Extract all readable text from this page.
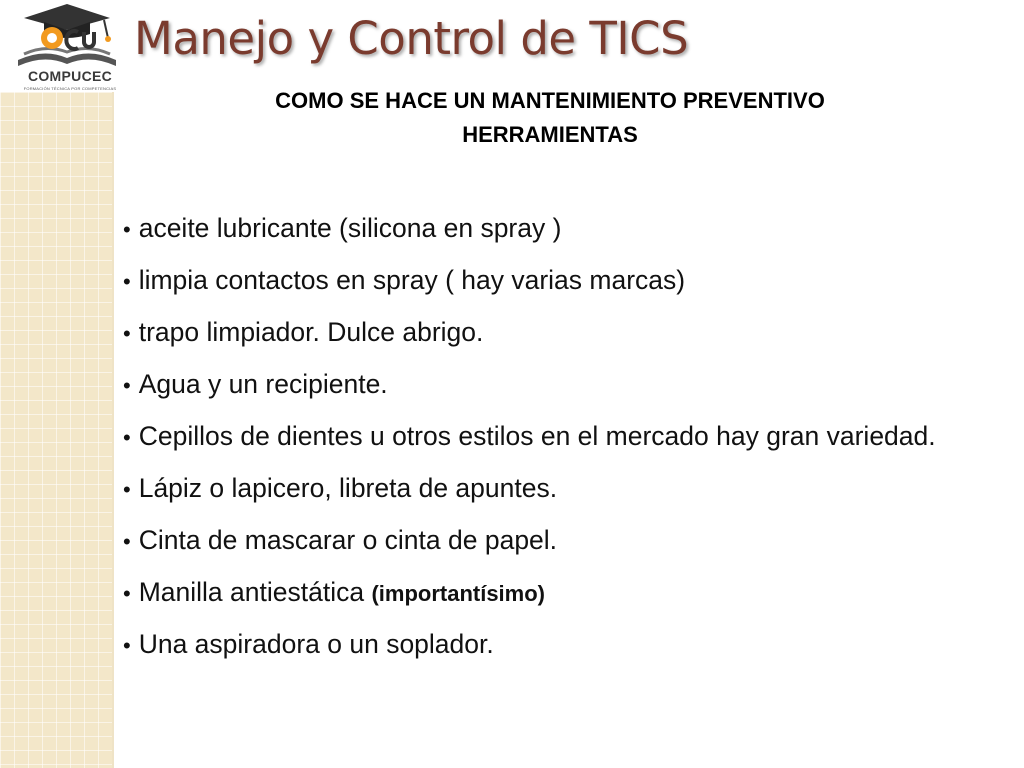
COMPUCEC
FORMACIÓN TÉCNICA POR COMPETENCIAS
Manejo y Control de TICS
COMO SE HACE UN MANTENIMIENTO PREVENTIVO
HERRAMIENTAS
• aceite lubricante (silicona en spray )
• limpia contactos en spray ( hay varias marcas)
• trapo limpiador. Dulce abrigo.
• Agua y un recipiente.
• Cepillos de dientes u otros estilos en el mercado hay gran variedad.
• Lápiz o lapicero, libreta de apuntes.
• Cinta de mascarar o cinta de papel.
• Manilla antiestática (importantísimo)
• Una aspiradora o un soplador.
